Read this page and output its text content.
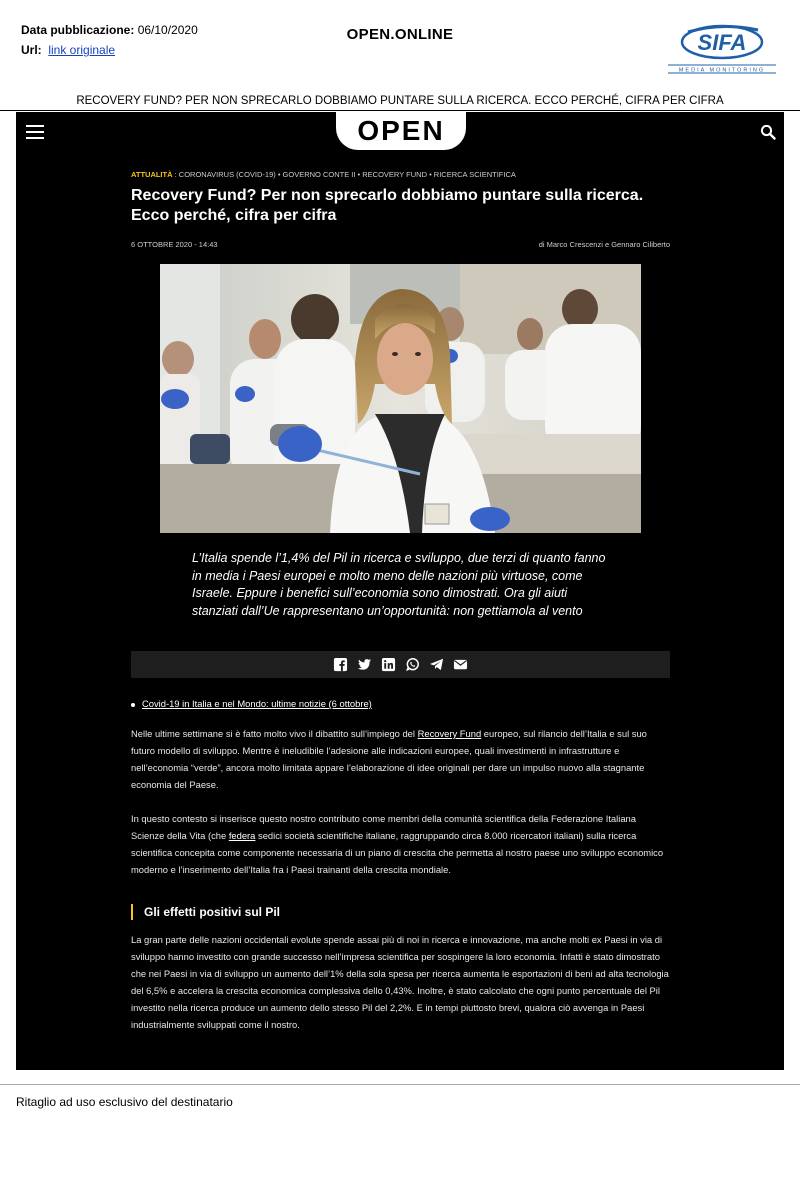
Data pubblicazione: 06/10/2020
Url: link originale
OPEN.ONLINE	SIFA
MEDIA MONITORING
RECOVERY FUND? PER NON SPRECARLO DOBBIAMO PUNTARE SULLA RICERCA. ECCO PERCHÉ, CIFRA PER CIFRA
OPEN
ATTUALITÀ : CORONAVIRUS (COVID-19) • GOVERNO CONTE II • RECOVERY FUND • RICERCA SCIENTIFICA
Recovery Fund? Per non sprecarlo dobbiamo puntare sulla ricerca. Ecco perché, cifra per cifra
6 OTTOBRE 2020 - 14:43	di Marco Crescenzi e Gennaro Ciliberto
L’Italia spende l’1,4% del Pil in ricerca e sviluppo, due terzi di quanto fanno in media i Paesi europei e molto meno delle nazioni più virtuose, come Israele. Eppure i benefici sull’economia sono dimostrati. Ora gli aiuti stanziati dall’Ue rappresentano un’opportunità: non gettiamola al vento
Covid-19 in Italia e nel Mondo: ultime notizie (6 ottobre)
Nelle ultime settimane si è fatto molto vivo il dibattito sull’impiego del Recovery Fund europeo, sul rilancio dell’Italia e sul suo futuro modello di sviluppo. Mentre è ineludibile l’adesione alle indicazioni europee, quali investimenti in infrastrutture e nell’economia “verde”, ancora molto limitata appare l’elaborazione di idee originali per dare un impulso nuovo alla stagnante economia del Paese.
In questo contesto si inserisce questo nostro contributo come membri della comunità scientifica della Federazione Italiana Scienze della Vita (che federa sedici società scientifiche italiane, raggruppando circa 8.000 ricercatori italiani) sulla ricerca scientifica concepita come componente necessaria di un piano di crescita che permetta al nostro paese uno sviluppo economico moderno e l’inserimento dell’Italia fra i Paesi trainanti della crescita mondiale.
Gli effetti positivi sul Pil
La gran parte delle nazioni occidentali evolute spende assai più di noi in ricerca e innovazione, ma anche molti ex Paesi in via di sviluppo hanno investito con grande successo nell’impresa scientifica per sospingere la loro economia. Infatti è stato dimostrato che nei Paesi in via di sviluppo un aumento dell’1% della sola spesa per ricerca aumenta le esportazioni di beni ad alta tecnologia del 6,5% e accelera la crescita economica complessiva dello 0,43%. Inoltre, è stato calcolato che ogni punto percentuale del Pil investito nella ricerca produce un aumento dello stesso Pil del 2,2%. E in tempi piuttosto brevi, qualora ciò avvenga in Paesi industrialmente sviluppati come il nostro.
Ritaglio ad uso esclusivo del destinatario
